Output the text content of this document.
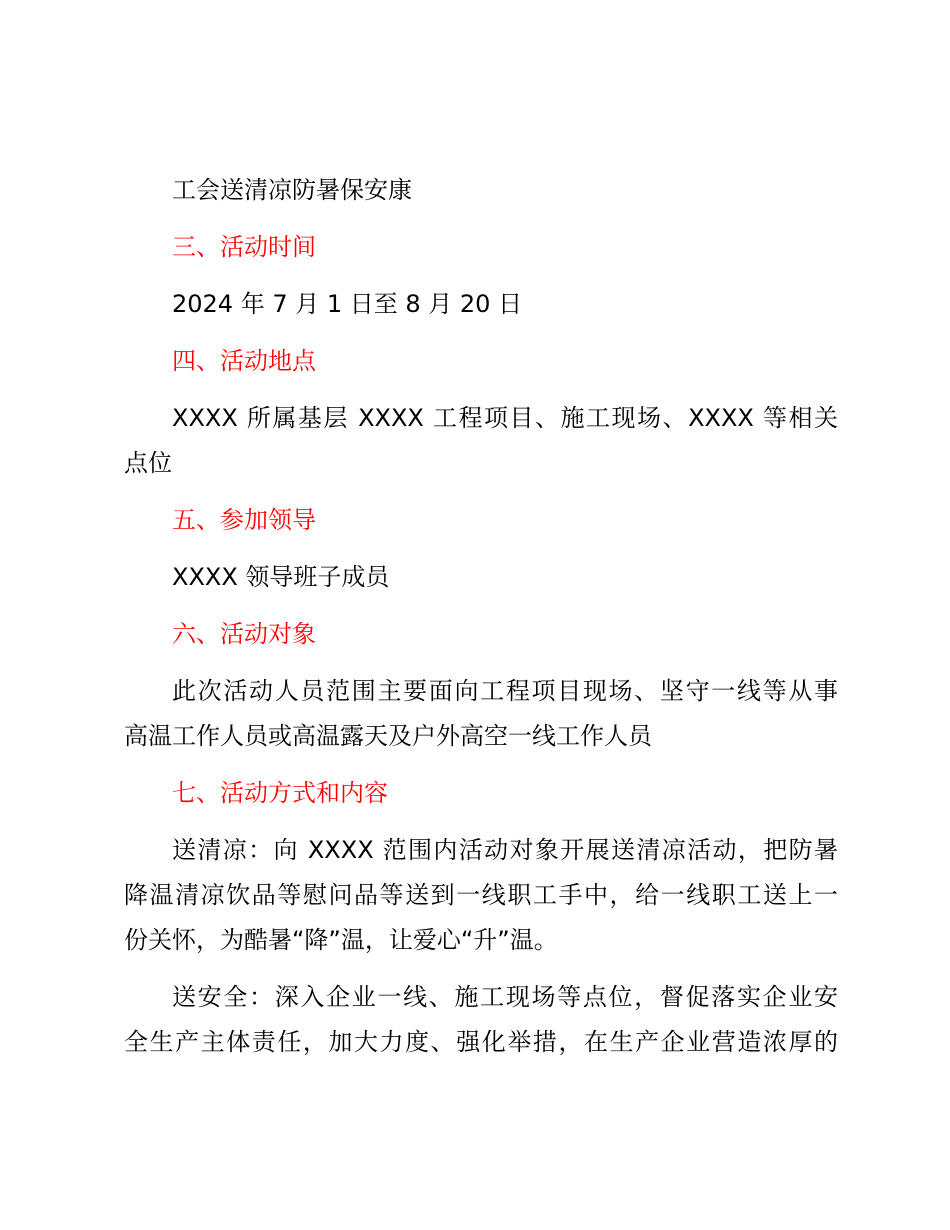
工会送清凉防暑保安康
三、活动时间
2024 年 7 月 1 日至 8 月 20 日
四、活动地点
XXXX 所属基层 XXXX 工程项目、施工现场、XXXX 等相关
点位
五、参加领导
XXXX 领导班子成员
六、活动对象
此次活动人员范围主要面向工程项目现场、坚守一线等从事
高温工作人员或高温露天及户外高空一线工作人员
七、活动方式和内容
送清凉：向 XXXX 范围内活动对象开展送清凉活动，把防暑
降温清凉饮品等慰问品等送到一线职工手中，给一线职工送上一
份关怀，为酷暑“降”温，让爱心“升”温。
送安全：深入企业一线、施工现场等点位，督促落实企业安
全生产主体责任，加大力度、强化举措，在生产企业营造浓厚的
